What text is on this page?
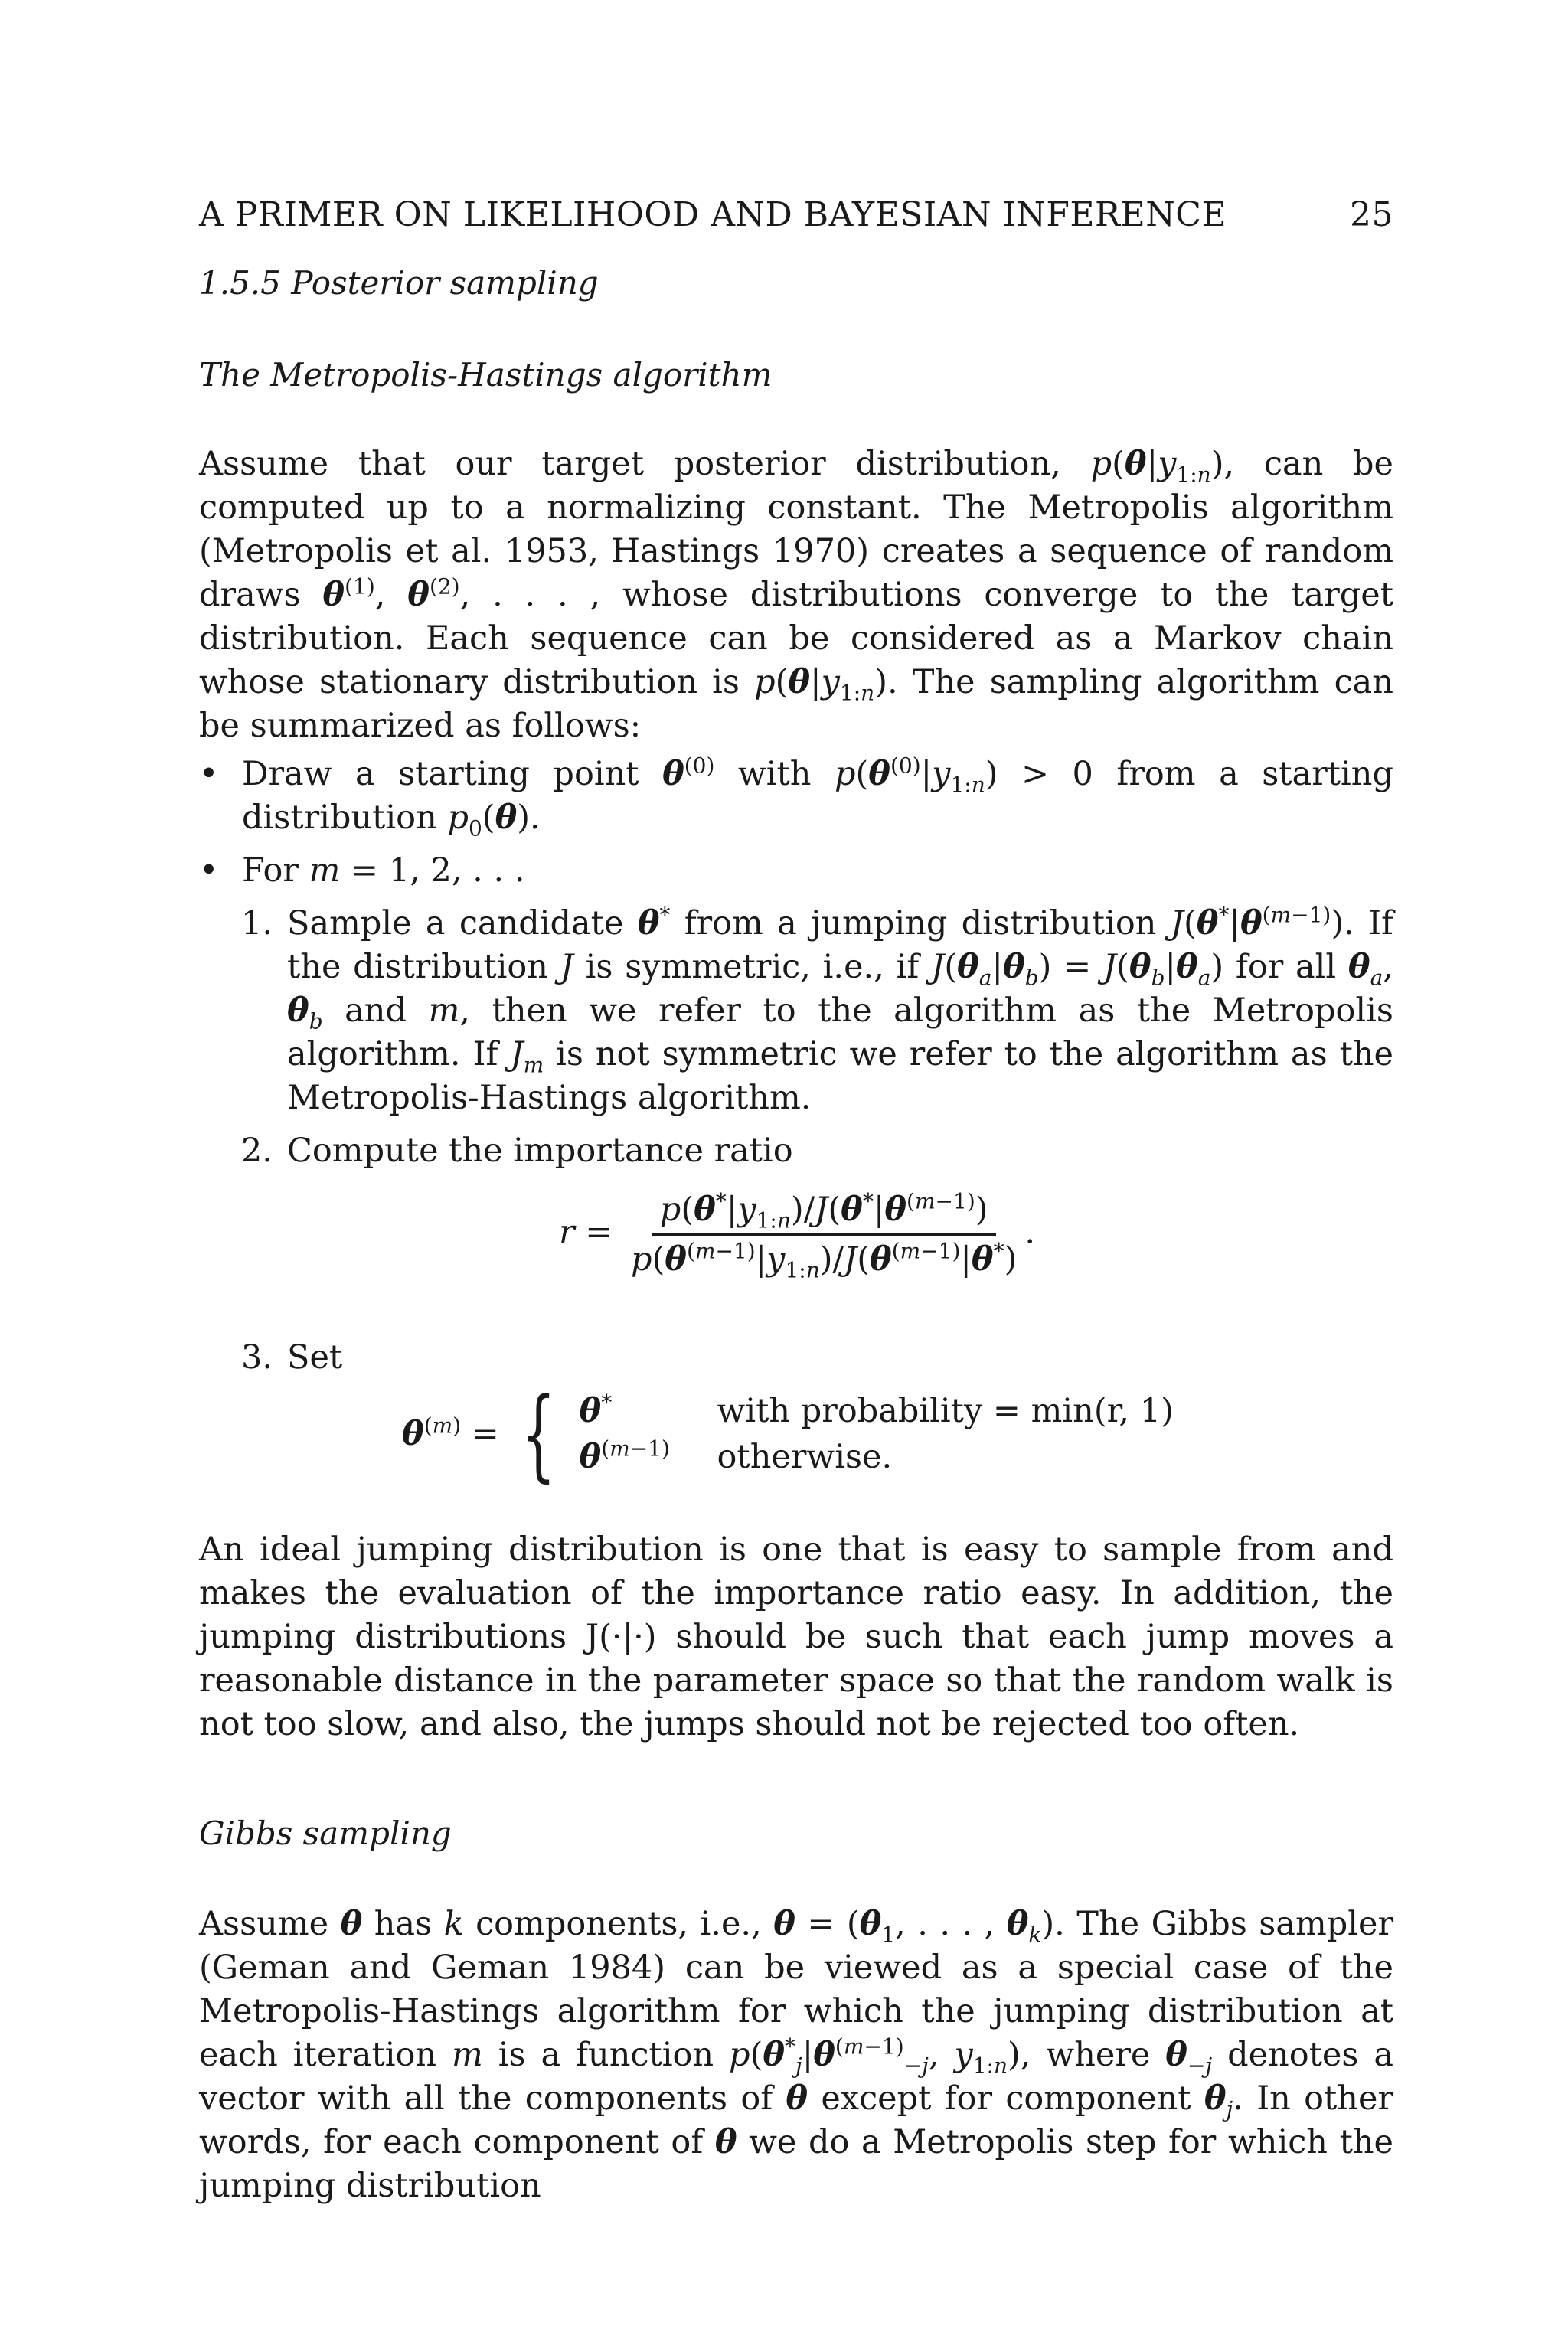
A PRIMER ON LIKELIHOOD AND BAYESIAN INFERENCE	25
1.5.5 Posterior sampling
The Metropolis-Hastings algorithm

Assume that our target posterior distribution, $p(\theta|y_{1:n})$, can be computed up to a normalizing constant. The Metropolis algorithm (Metropolis et al. 1953, Hastings 1970) creates a sequence of random draws $\theta^{(1)}$, $\theta^{(2)}$, . . . , whose distributions converge to the target distribution. Each sequence can be considered as a Markov chain whose stationary distribution is $p(\theta|y_{1:n})$. The sampling algorithm can be summarized as follows:

• Draw a starting point $\theta^{(0)}$ with $p(\theta^{(0)}|y_{1:n}) > 0$ from a starting distribution $p_0(\theta)$.
• For m = 1, 2, . . .
1. Sample a candidate θ* from a jumping distribution $J(\theta^*|\theta^{(m-1)})$. If the distribution J is symmetric, i.e., if $J(\theta_a|\theta_b) = J(\theta_b|\theta_a)$ for all $\theta_a$, $\theta_b$ and m, then we refer to the algorithm as the Metropolis algorithm. If $J_m$ is not symmetric we refer to the algorithm as the Metropolis-Hastings algorithm.
2. Compute the importance ratio
$r = \frac{p(\theta^*|y_{1:n})/J(\theta^*|\theta^{(m-1)})}{p(\theta^{(m-1)}|y_{1:n})/J(\theta^{(m-1)}|\theta^*)}$ .
3. Set
$\theta^{(m)}$ = { θ*	with probability = min(r, 1)
$\theta^{(m-1)}$	otherwise.

An ideal jumping distribution is one that is easy to sample from and makes the evaluation of the importance ratio easy. In addition, the jumping distributions J(·|·) should be such that each jump moves a reasonable distance in the parameter space so that the random walk is not too slow, and also, the jumps should not be rejected too often.

Gibbs sampling

Assume θ has k components, i.e., $\theta = (\theta_1$, . . . , $\theta_k$). The Gibbs sampler (Geman and Geman 1984) can be viewed as a special case of the Metropolis-Hastings algorithm for which the jumping distribution at each iteration m is a function $p(\theta^*_j|\theta^{(m-1)}_{-j}$, $y_{1:n}$), where $\theta_{-j}$ denotes a vector with all the components of θ except for component $\theta_j$. In other words, for each component of θ we do a Metropolis step for which the jumping distribution
